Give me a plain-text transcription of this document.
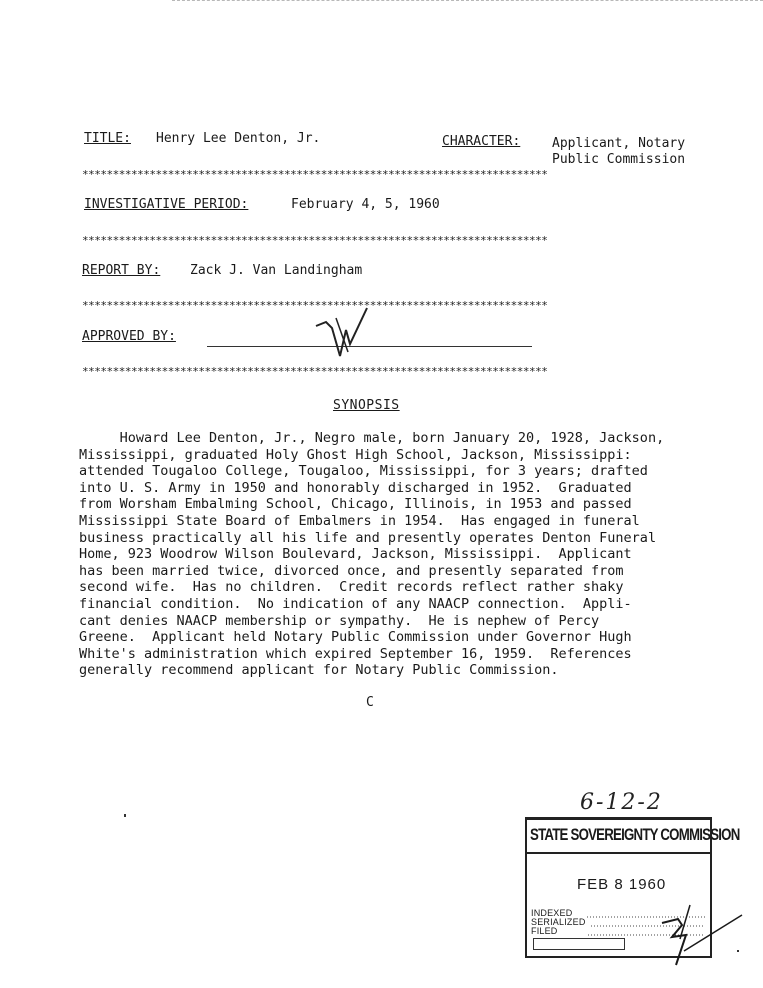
TITLE: Henry Lee Denton, Jr.	CHARACTER: Applicant, Notary
Public Commission
****************************************************************************
INVESTIGATIVE PERIOD:	February 4, 5, 1960
****************************************************************************
REPORT BY: Zack J. Van Landingham
****************************************************************************
APPROVED BY:
****************************************************************************
SYNOPSIS
Howard Lee Denton, Jr., Negro male, born January 20, 1928, Jackson,
Mississippi, graduated Holy Ghost High School, Jackson, Mississippi:
attended Tougaloo College, Tougaloo, Mississippi, for 3 years; drafted
into U. S. Army in 1950 and honorably discharged in 1952.  Graduated
from Worsham Embalming School, Chicago, Illinois, in 1953 and passed
Mississippi State Board of Embalmers in 1954.  Has engaged in funeral
business practically all his life and presently operates Denton Funeral
Home, 923 Woodrow Wilson Boulevard, Jackson, Mississippi.  Applicant
has been married twice, divorced once, and presently separated from
second wife.  Has no children.  Credit records reflect rather shaky
financial condition.  No indication of any NAACP connection.  Appli-
cant denies NAACP membership or sympathy.  He is nephew of Percy
Greene.  Applicant held Notary Public Commission under Governor Hugh
White's administration which expired September 16, 1959.  References
generally recommend applicant for Notary Public Commission.
C
6-12-2
STATE SOVEREIGNTY COMMISSION
FEB 8 1960
INDEXED
SERIALIZED
FILED
